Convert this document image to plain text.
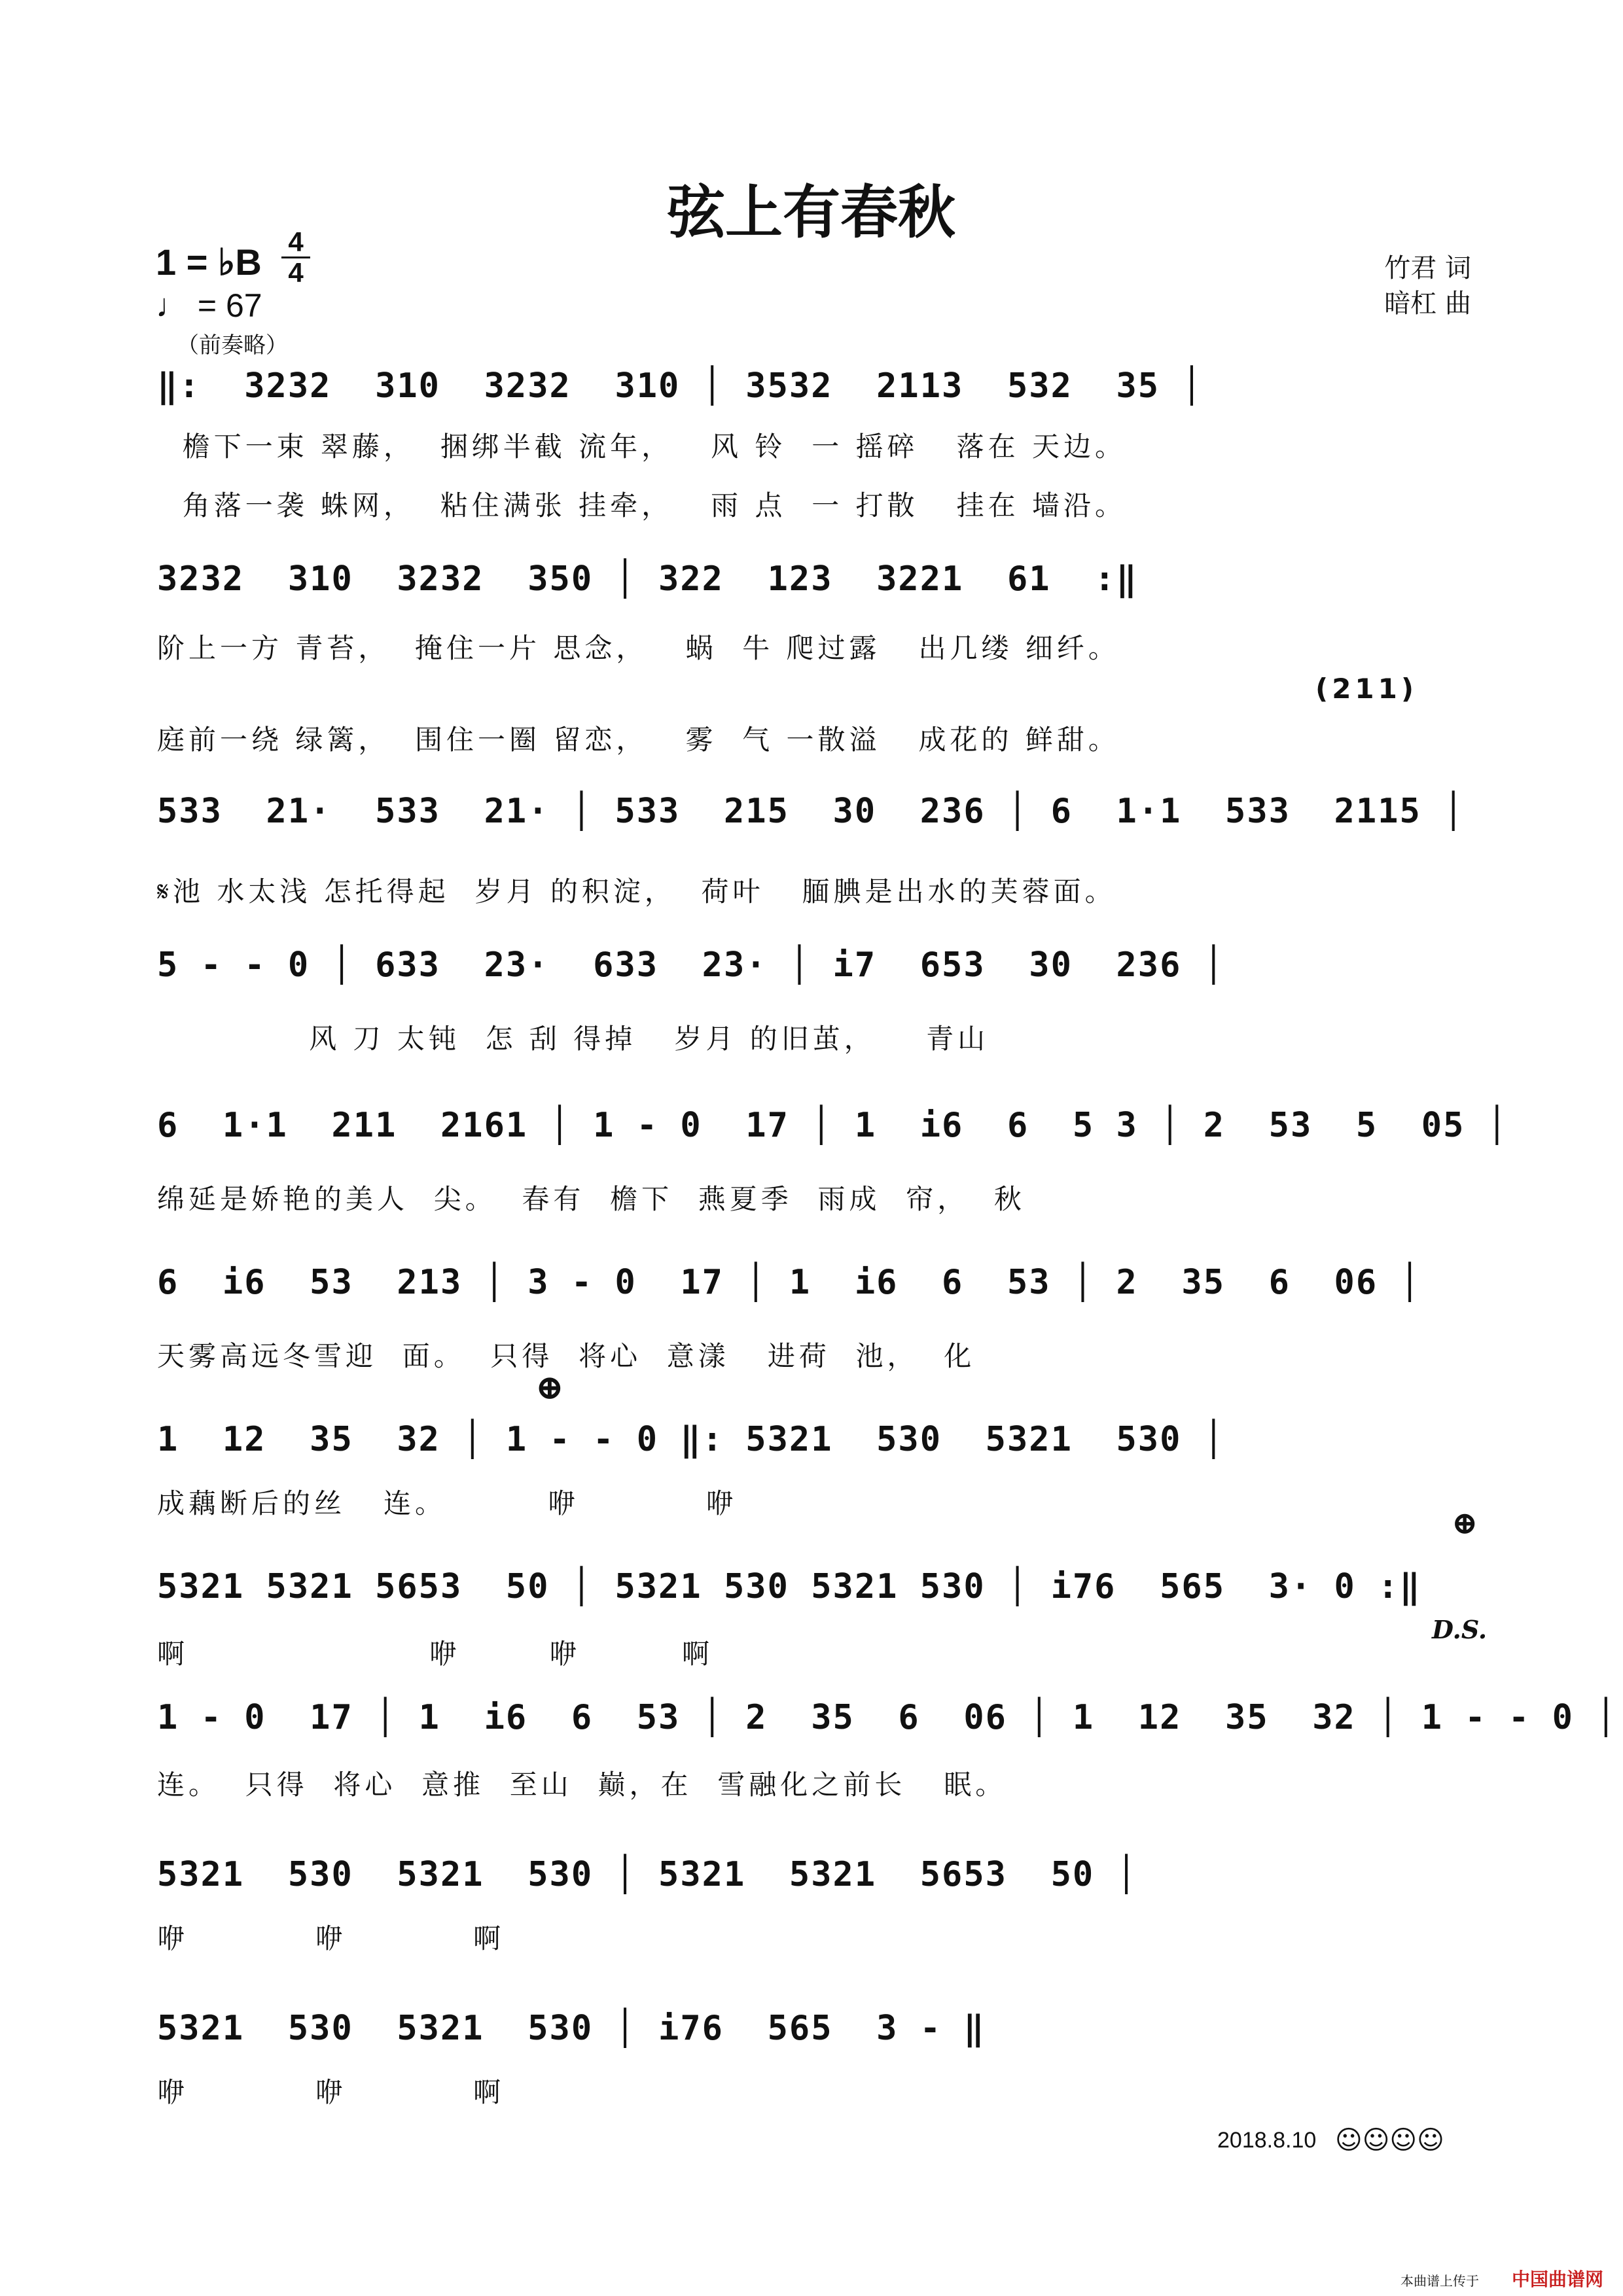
弦上有春秋
1 = ♭B 4
4
♩ = 67
（前奏略）
竹君 词
暗杠 曲
‖:  3232  310  3232  310 │ 3532  2113  532  35 │
檐下一束 翠藤，  捆绑半截 流年，   风 铃  一 摇碎   落在 天边。
角落一袭 蛛网，  粘住满张 挂牵，   雨 点  一 打散   挂在 墙沿。
3232  310  3232  350 │ 322  123  3221  61  :‖
阶上一方 青苔，  掩住一片 思念，   蜗  牛 爬过露   出几缕 细纤。
(211)
庭前一绕 绿篱，  围住一圈 留恋，   雾  气 一散溢   成花的 鲜甜。
533  21·  533  21· │ 533  215  30  236 │ 6  1·1  533  2115 │
𝄋池 水太浅 怎托得起  岁月 的积淀，  荷叶   腼腆是出水的芙蓉面。
5 - - 0 │ 633  23·  633  23· │ i7  653  30  236 │
风 刀 太钝  怎 刮 得掉   岁月 的旧茧，    青山
6  1·1  211  2161 │ 1 - 0  17 │ 1  i6  6  5 3 │ 2  53  5  05 │
绵延是娇艳的美人  尖。  春有  檐下  燕夏季  雨成  帘，  秋
6  i6  53  213 │ 3 - 0  17 │ 1  i6  6  53 │ 2  35  6  06 │
天雾高远冬雪迎  面。  只得  将心  意漾   进荷  池，  化
⊕
1  12  35  32 │ 1 - - 0 ‖: 5321  530  5321  530 │
成藕断后的丝   连。        咿          咿
⊕
5321 5321 5653  50 │ 5321 530 5321 530 │ i76  565  3· 0 :‖
啊                   咿       咿        啊
D.S.
1 - 0  17 │ 1  i6  6  53 │ 2  35  6  06 │ 1  12  35  32 │ 1 - - 0 │
连。  只得  将心  意推  至山  巅，在  雪融化之前长   眠。
5321  530  5321  530 │ 5321  5321  5653  50 │
咿          咿          啊
5321  530  5321  530 │ i76  565  3 - ‖
咿          咿          啊
2018.8.10 ☺☺☺☺
本曲谱上传于 中国曲谱网
